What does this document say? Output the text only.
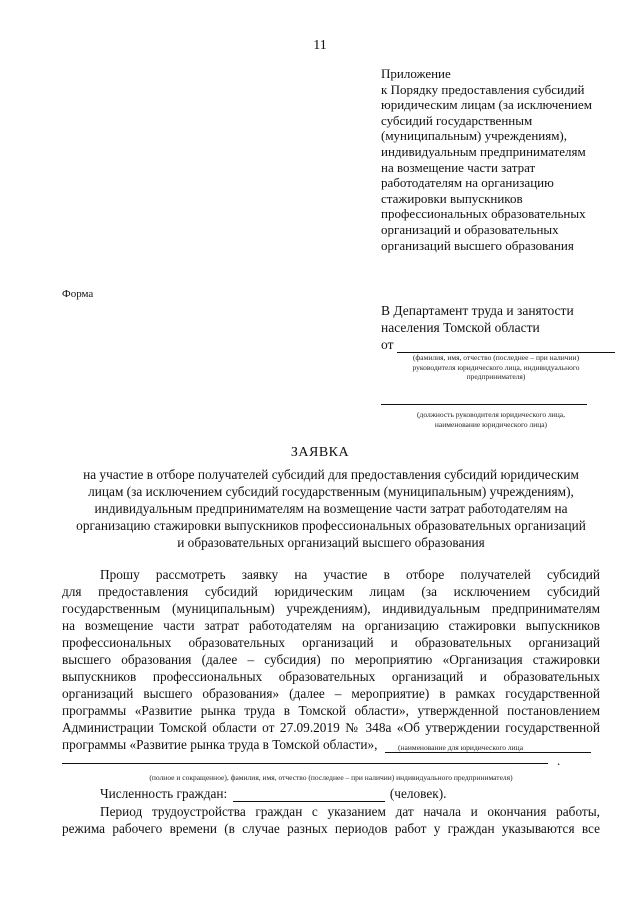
11
Приложение
к Порядку предоставления субсидий
юридическим лицам (за исключением
субсидий государственным
(муниципальным) учреждениям),
индивидуальным предпринимателям
на возмещение части затрат
работодателям на организацию
стажировки выпускников
профессиональных образовательных
организаций и образовательных
организаций высшего образования
Форма
В Департамент труда и занятости
населения Томской области
от
(фамилия, имя, отчество (последнее – при наличии)
руководителя юридического лица, индивидуального
предпринимателя)
(должность руководителя юридического лица,
наименование юридического лица)
ЗАЯВКА
на участие в отборе получателей субсидий для предоставления субсидий юридическим
лицам (за исключением субсидий государственным (муниципальным) учреждениям),
индивидуальным предпринимателям на возмещение части затрат работодателям на
организацию стажировки выпускников профессиональных образовательных организаций
и образовательных организаций высшего образования
Прошу рассмотреть заявку на участие в отборе получателей субсидий
для предоставления субсидий юридическим лицам (за исключением субсидий
государственным (муниципальным) учреждениям), индивидуальным предпринимателям
на возмещение части затрат работодателям на организацию стажировки выпускников
профессиональных образовательных организаций и образовательных организаций
высшего образования (далее – субсидия) по мероприятию «Организация стажировки
выпускников профессиональных образовательных организаций и образовательных
организаций высшего образования» (далее – мероприятие) в рамках государственной
программы «Развитие рынка труда в Томской области», утвержденной постановлением
Администрации Томской области от 27.09.2019 № 348а «Об утверждении государственной
программы «Развитие рынка труда в Томской области»,	(наименование для юридического лица
.
(полное и сокращенное), фамилия, имя, отчество (последнее – при наличии) индивидуального предпринимателя)
Численность граждан:	(человек).
Период трудоустройства граждан с указанием дат начала и окончания работы,
режима рабочего времени (в случае разных периодов работ у граждан указываются все
